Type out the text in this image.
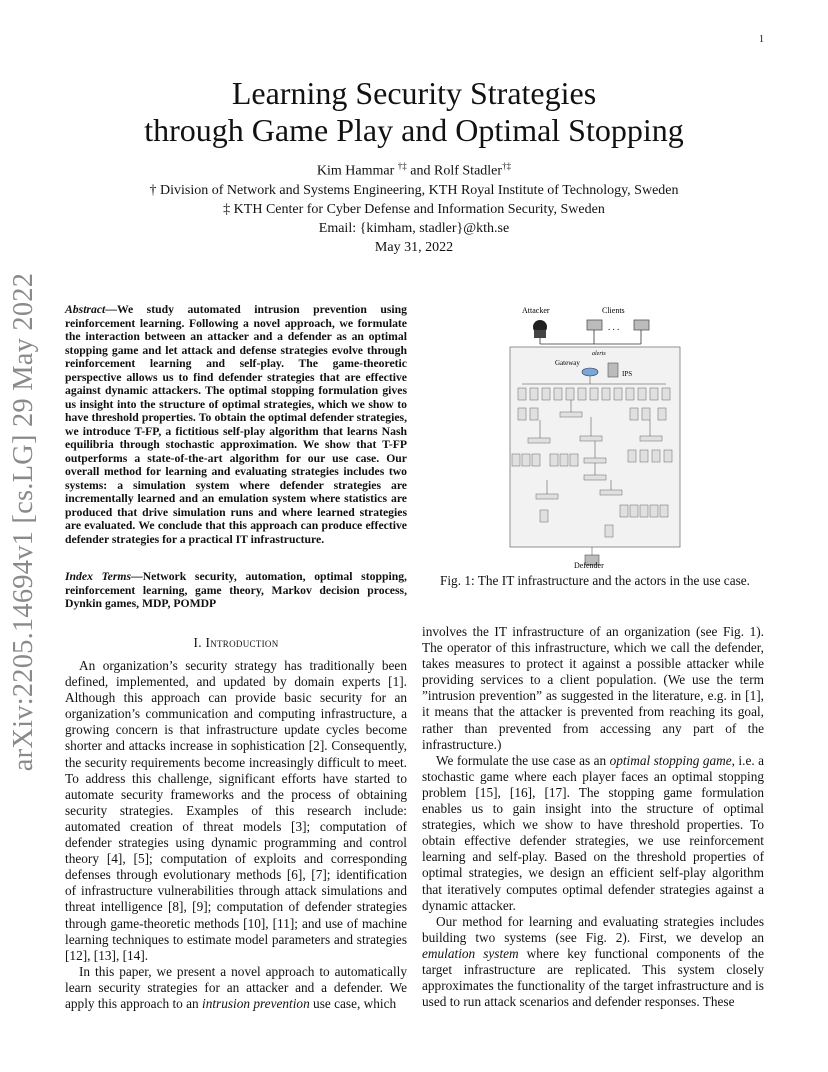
1
arXiv:2205.14694v1 [cs.LG] 29 May 2022
Learning Security Strategies
through Game Play and Optimal Stopping
Kim Hammar †‡ and Rolf Stadler†‡
† Division of Network and Systems Engineering, KTH Royal Institute of Technology, Sweden
‡ KTH Center for Cyber Defense and Information Security, Sweden
Email: {kimham, stadler}@kth.se
May 31, 2022
Abstract—We study automated intrusion prevention using reinforcement learning. Following a novel approach, we formulate the interaction between an attacker and a defender as an optimal stopping game and let attack and defense strategies evolve through reinforcement learning and self-play. The game-theoretic perspective allows us to find defender strategies that are effective against dynamic attackers. The optimal stopping formulation gives us insight into the structure of optimal strategies, which we show to have threshold properties. To obtain the optimal defender strategies, we introduce T-FP, a fictitious self-play algorithm that learns Nash equilibria through stochastic approximation. We show that T-FP outperforms a state-of-the-art algorithm for our use case. Our overall method for learning and evaluating strategies includes two systems: a simulation system where defender strategies are incrementally learned and an emulation system where statistics are produced that drive simulation runs and where learned strategies are evaluated. We conclude that this approach can produce effective defender strategies for a practical IT infrastructure.
Index Terms—Network security, automation, optimal stopping, reinforcement learning, game theory, Markov decision process, Dynkin games, MDP, POMDP
I. Introduction

An organization’s security strategy has traditionally been defined, implemented, and updated by domain experts [1]. Although this approach can provide basic security for an organization’s communication and computing infrastructure, a growing concern is that infrastructure update cycles become shorter and attacks increase in sophistication [2]. Consequently, the security requirements become increasingly difficult to meet. To address this challenge, significant efforts have started to automate security frameworks and the process of obtaining security strategies. Examples of this research include: automated creation of threat models [3]; computation of defender strategies using dynamic programming and control theory [4], [5]; computation of exploits and corresponding defenses through evolutionary methods [6], [7]; identification of infrastructure vulnerabilities through attack simulations and threat intelligence [8], [9]; computation of defender strategies through game-theoretic methods [10], [11]; and use of machine learning techniques to estimate model parameters and strategies [12], [13], [14].

In this paper, we present a novel approach to automatically learn security strategies for an attacker and a defender. We apply this approach to an intrusion prevention use case, which

Attacker	Clients
. . .
alerts
Gateway
IPS
Defender
Fig. 1: The IT infrastructure and the actors in the use case.

involves the IT infrastructure of an organization (see Fig. 1). The operator of this infrastructure, which we call the defender, takes measures to protect it against a possible attacker while providing services to a client population. (We use the term ”intrusion prevention” as suggested in the literature, e.g. in [1], it means that the attacker is prevented from reaching its goal, rather than prevented from accessing any part of the infrastructure.)

We formulate the use case as an optimal stopping game, i.e. a stochastic game where each player faces an optimal stopping problem [15], [16], [17]. The stopping game formulation enables us to gain insight into the structure of optimal strategies, which we show to have threshold properties. To obtain effective defender strategies, we use reinforcement learning and self-play. Based on the threshold properties of optimal strategies, we design an efficient self-play algorithm that iteratively computes optimal defender strategies against a dynamic attacker.

Our method for learning and evaluating strategies includes building two systems (see Fig. 2). First, we develop an emulation system where key functional components of the target infrastructure are replicated. This system closely approximates the functionality of the target infrastructure and is used to run attack scenarios and defender responses. These
